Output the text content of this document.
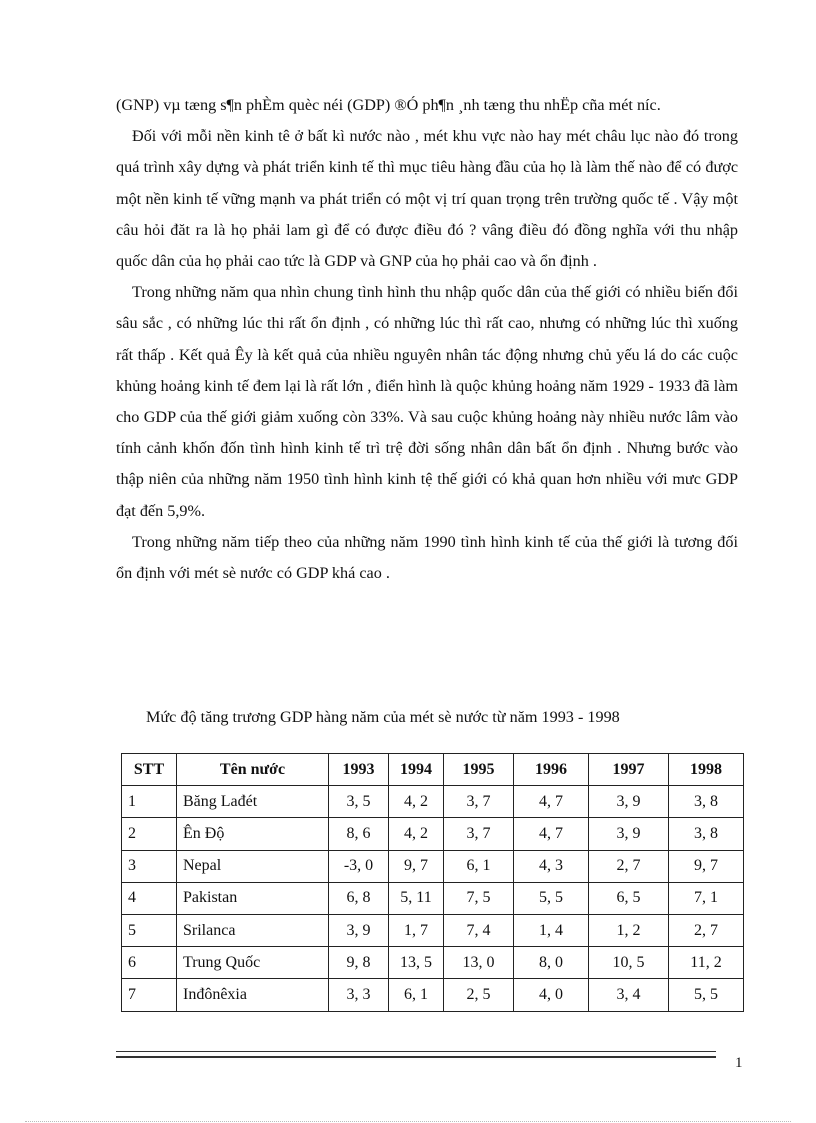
(GNP) vµ tæng s¶n phÈm quèc néi (GDP) ®Ó ph¶n ¸nh tæng thu nhËp cña mét níc.

Đối với mỗi nền kinh tê ở bất kì nước nào , mét khu vực nào hay mét châu lục nào đó trong quá trình xây dựng và phát triển kinh tế thì mục tiêu hàng đầu của họ là làm thế nào để có được một nền kinh tế vững mạnh va phát triển có một vị trí quan trọng trên trường quốc tế . Vậy một câu hỏi đăt ra là họ phải lam gì để có được điều đó ? vâng điều đó đồng nghĩa với thu nhập quốc dân của họ phải cao tức là GDP và GNP của họ phải cao và ổn định .

Trong những năm qua nhìn chung tình hình thu nhập quốc dân của thế giới có nhiều biến đổi sâu sắc , có những lúc thi rất ổn định , có những lúc thì rất cao, nhưng có những lúc thì xuống rất thấp . Kết quả Êy là kết quả của nhiều nguyên nhân tác động nhưng chủ yếu lá do các cuộc khủng hoảng kinh tế đem lại là rất lớn , điển hình là quộc khủng hoảng năm 1929 - 1933 đã làm cho GDP của thế giới giảm xuống còn 33%. Và sau cuộc khủng hoảng này nhiều nước lâm vào tính cảnh khốn đốn tình hình kinh tế trì trệ đời sống nhân dân bất ổn định . Nhưng bước vào thập niên của những năm 1950 tình hình kinh tệ thế giới có khả quan hơn nhiều với mưc GDP đạt đến 5,9%.

Trong những năm tiếp theo của những năm 1990 tình hình kinh tế của thế giới là tương đối ổn định với mét sè nước có GDP khá cao .

Mức độ tăng trương GDP hàng năm của mét sè nước từ năm 1993 - 1998
STT	Tên nước	1993	1994	1995	1996	1997	1998
1	Băng Lađét	3, 5	4, 2	3, 7	4, 7	3, 9	3, 8
2	Ên Độ	8, 6	4, 2	3, 7	4, 7	3, 9	3, 8
3	Nepal	-3, 0	9, 7	6, 1	4, 3	2, 7	9, 7
4	Pakistan	6, 8	5, 11	7, 5	5, 5	6, 5	7, 1
5	Srilanca	3, 9	1, 7	7, 4	1, 4	1, 2	2, 7
6	Trung Quốc	9, 8	13, 5	13, 0	8, 0	10, 5	11, 2
7	Inđônêxia	3, 3	6, 1	2, 5	4, 0	3, 4	5, 5
1
